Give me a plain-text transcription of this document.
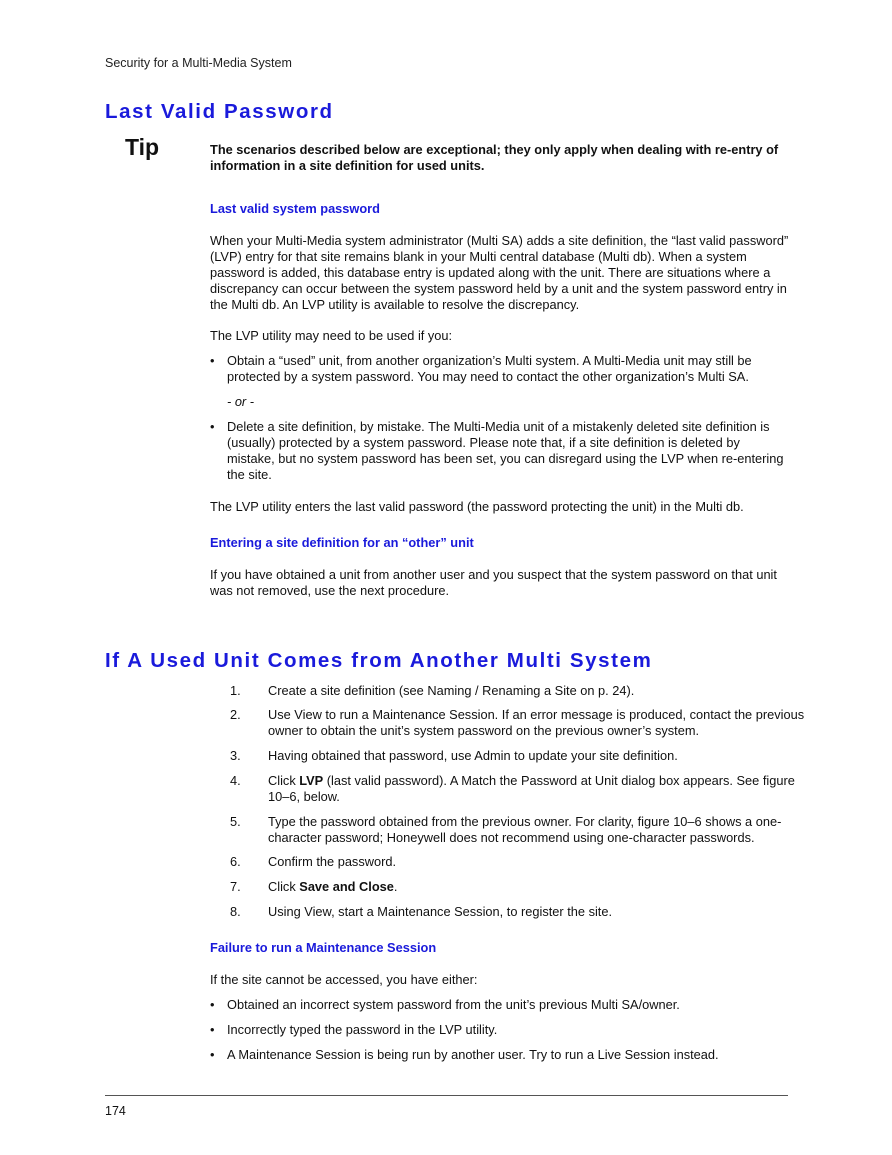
Security for a Multi-Media System
Last Valid Password
Tip	The scenarios described below are exceptional; they only apply when dealing with re-entry of information in a site definition for used units.
Last valid system password
When your Multi-Media system administrator (Multi SA) adds a site definition, the “last valid password” (LVP) entry for that site remains blank in your Multi central database (Multi db). When a system password is added, this database entry is updated along with the unit. There are situations where a discrepancy can occur between the system password held by a unit and the system password entry in the Multi db. An LVP utility is available to resolve the discrepancy.
The LVP utility may need to be used if you:
• Obtain a “used” unit, from another organization’s Multi system. A Multi-Media unit may still be protected by a system password. You may need to contact the other organization’s Multi SA.
- or -
• Delete a site definition, by mistake. The Multi-Media unit of a mistakenly deleted site definition is (usually) protected by a system password. Please note that, if a site definition is deleted by mistake, but no system password has been set, you can disregard using the LVP when re-entering the site.
The LVP utility enters the last valid password (the password protecting the unit) in the Multi db.
Entering a site definition for an “other” unit
If you have obtained a unit from another user and you suspect that the system password on that unit was not removed, use the next procedure.
If A Used Unit Comes from Another Multi System
1. Create a site definition (see Naming / Renaming a Site on p. 24).
2. Use View to run a Maintenance Session. If an error message is produced, contact the previous owner to obtain the unit’s system password on the previous owner’s system.
3. Having obtained that password, use Admin to update your site definition.
4. Click LVP (last valid password). A Match the Password at Unit dialog box appears. See figure 10–6, below.
5. Type the password obtained from the previous owner. For clarity, figure 10–6 shows a one-character password; Honeywell does not recommend using one-character passwords.
6. Confirm the password.
7. Click Save and Close.
8. Using View, start a Maintenance Session, to register the site.
Failure to run a Maintenance Session
If the site cannot be accessed, you have either:
• Obtained an incorrect system password from the unit’s previous Multi SA/owner.
• Incorrectly typed the password in the LVP utility.
• A Maintenance Session is being run by another user. Try to run a Live Session instead.
174
